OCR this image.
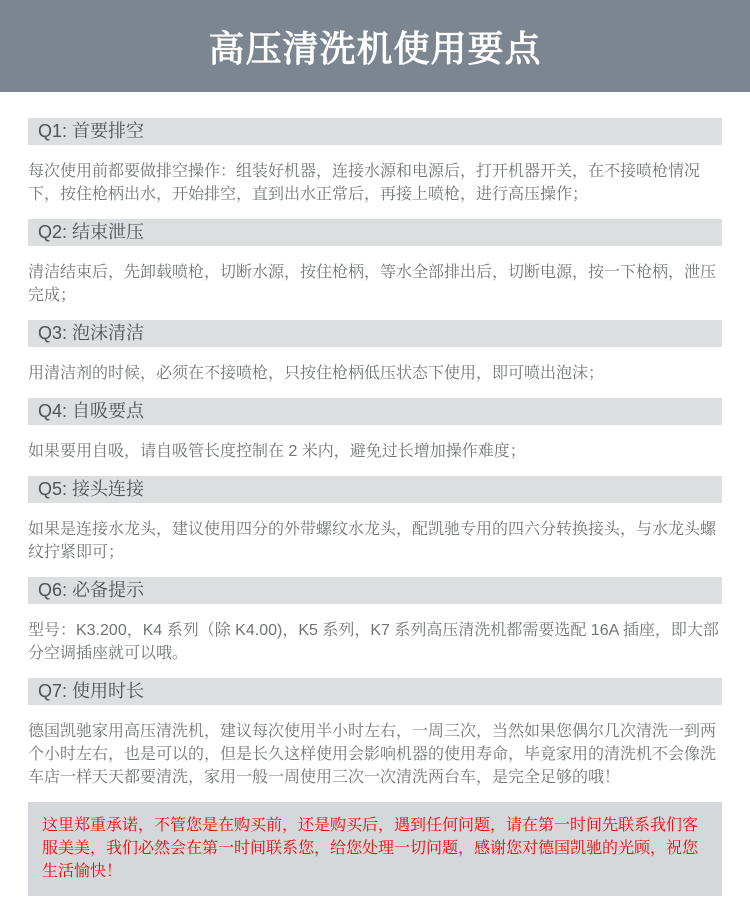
高压清洗机使用要点
Q1: 首要排空

每次使用前都要做排空操作：组装好机器，连接水源和电源后，打开机器开关，在不接喷枪情况下，按住枪柄出水，开始排空，直到出水正常后，再接上喷枪，进行高压操作；

Q2: 结束泄压

清洁结束后，先卸载喷枪，切断水源，按住枪柄，等水全部排出后，切断电源，按一下枪柄，泄压完成；

Q3: 泡沫清洁

用清洁剂的时候，必须在不接喷枪，只按住枪柄低压状态下使用，即可喷出泡沫；

Q4: 自吸要点

如果要用自吸，请自吸管长度控制在 2 米内，避免过长增加操作难度；

Q5: 接头连接

如果是连接水龙头，建议使用四分的外带螺纹水龙头，配凯驰专用的四六分转换接头，与水龙头螺纹拧紧即可；

Q6: 必备提示

型号：K3.200，K4 系列（除 K4.00)，K5 系列，K7 系列高压清洗机都需要选配 16A 插座，即大部分空调插座就可以哦。

Q7: 使用时长

德国凯驰家用高压清洗机，建议每次使用半小时左右，一周三次，当然如果您偶尔几次清洗一到两个小时左右，也是可以的，但是长久这样使用会影响机器的使用寿命，毕竟家用的清洗机不会像洗车店一样天天都要清洗，家用一般一周使用三次一次清洗两台车，是完全足够的哦！

这里郑重承诺，不管您是在购买前，还是购买后，遇到任何问题，请在第一时间先联系我们客服美美，我们必然会在第一时间联系您，给您处理一切问题，感谢您对德国凯驰的光顾，祝您生活愉快！
